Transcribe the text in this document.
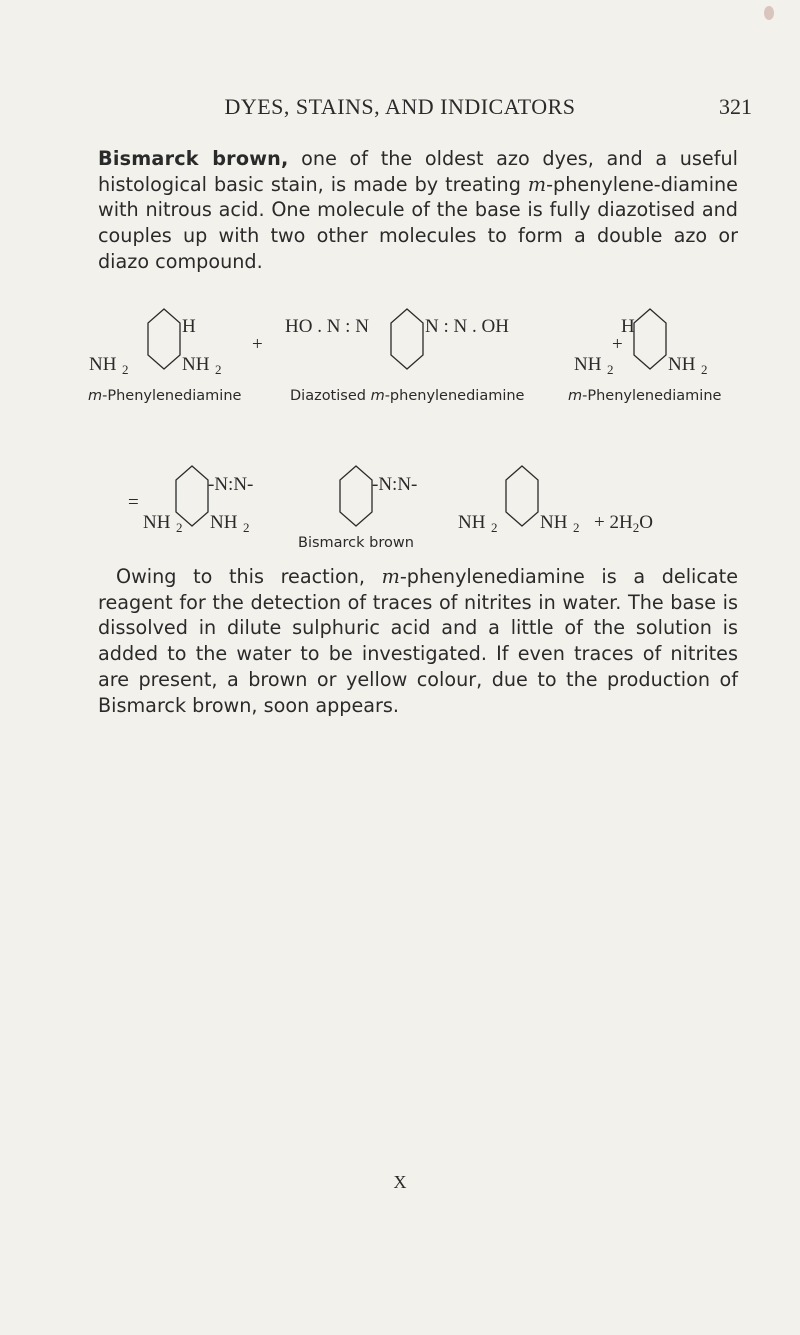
DYES, STAINS, AND INDICATORS	321
Bismarck brown, one of the oldest azo dyes, and a useful histological basic stain, is made by treating m-phenylene-diamine with nitrous acid. One molecule of the base is fully diazotised and couples up with two other molecules to form a double azo or diazo compound.
H
NH 2	NH 2
+
HO . N : N	N : N . OH
+
H
NH 2	NH 2
m-Phenylenediamine	Diazotised m-phenylenediamine	m-Phenylenediamine
=
-N:N-	-N:N-
NH 2 NH 2	NH 2 NH $2 + 2H_2O$
Bismarck brown
Owing to this reaction, m-phenylenediamine is a delicate reagent for the detection of traces of nitrites in water. The base is dissolved in dilute sulphuric acid and a little of the solution is added to the water to be investigated. If even traces of nitrites are present, a brown or yellow colour, due to the production of Bismarck brown, soon appears.
X
